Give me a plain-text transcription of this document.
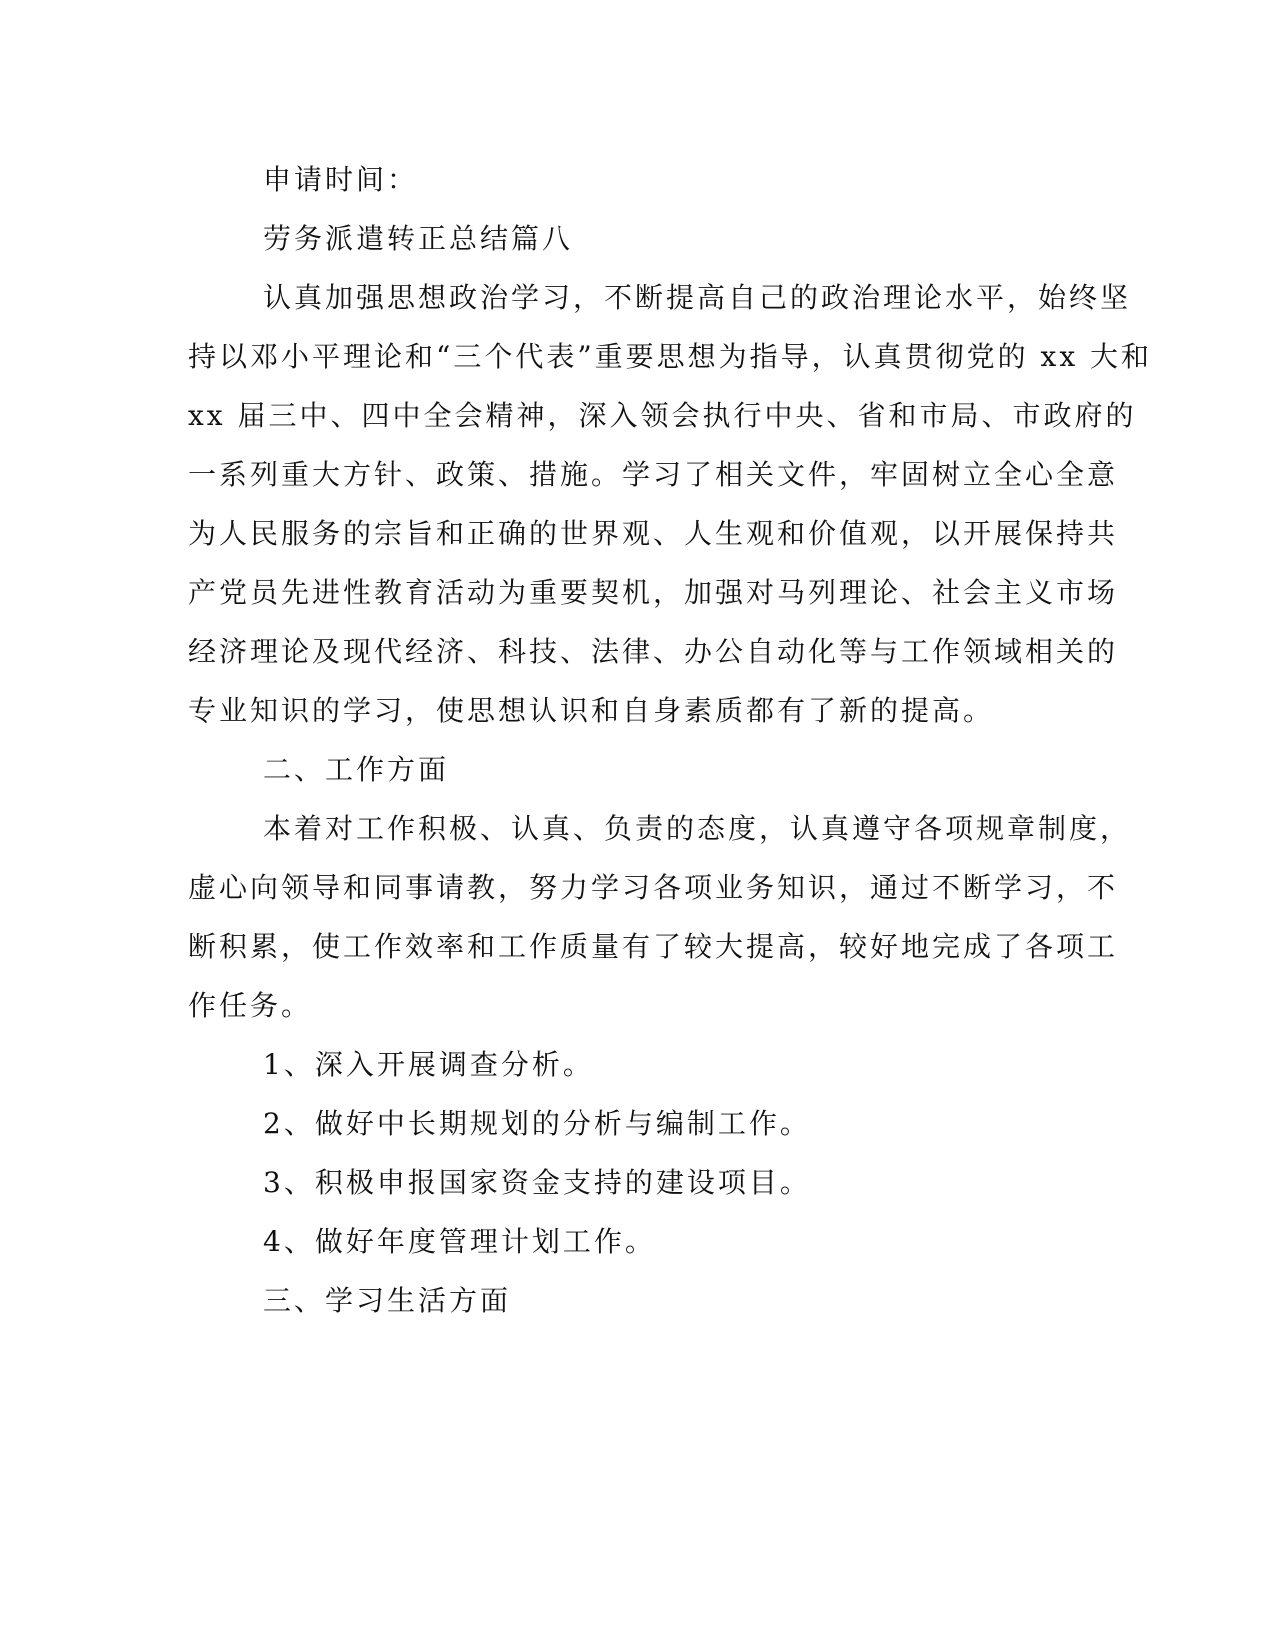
申请时间：
劳务派遣转正总结篇八
认真加强思想政治学习，不断提高自己的政治理论水平，始终坚
持以邓小平理论和“三个代表”重要思想为指导，认真贯彻党的 xx 大和
xx 届三中、四中全会精神，深入领会执行中央、省和市局、市政府的
一系列重大方针、政策、措施。学习了相关文件，牢固树立全心全意
为人民服务的宗旨和正确的世界观、人生观和价值观，以开展保持共
产党员先进性教育活动为重要契机，加强对马列理论、社会主义市场
经济理论及现代经济、科技、法律、办公自动化等与工作领域相关的
专业知识的学习，使思想认识和自身素质都有了新的提高。
二、工作方面
本着对工作积极、认真、负责的态度，认真遵守各项规章制度，
虚心向领导和同事请教，努力学习各项业务知识，通过不断学习，不
断积累，使工作效率和工作质量有了较大提高，较好地完成了各项工
作任务。
1、深入开展调查分析。
2、做好中长期规划的分析与编制工作。
3、积极申报国家资金支持的建设项目。
4、做好年度管理计划工作。
三、学习生活方面
